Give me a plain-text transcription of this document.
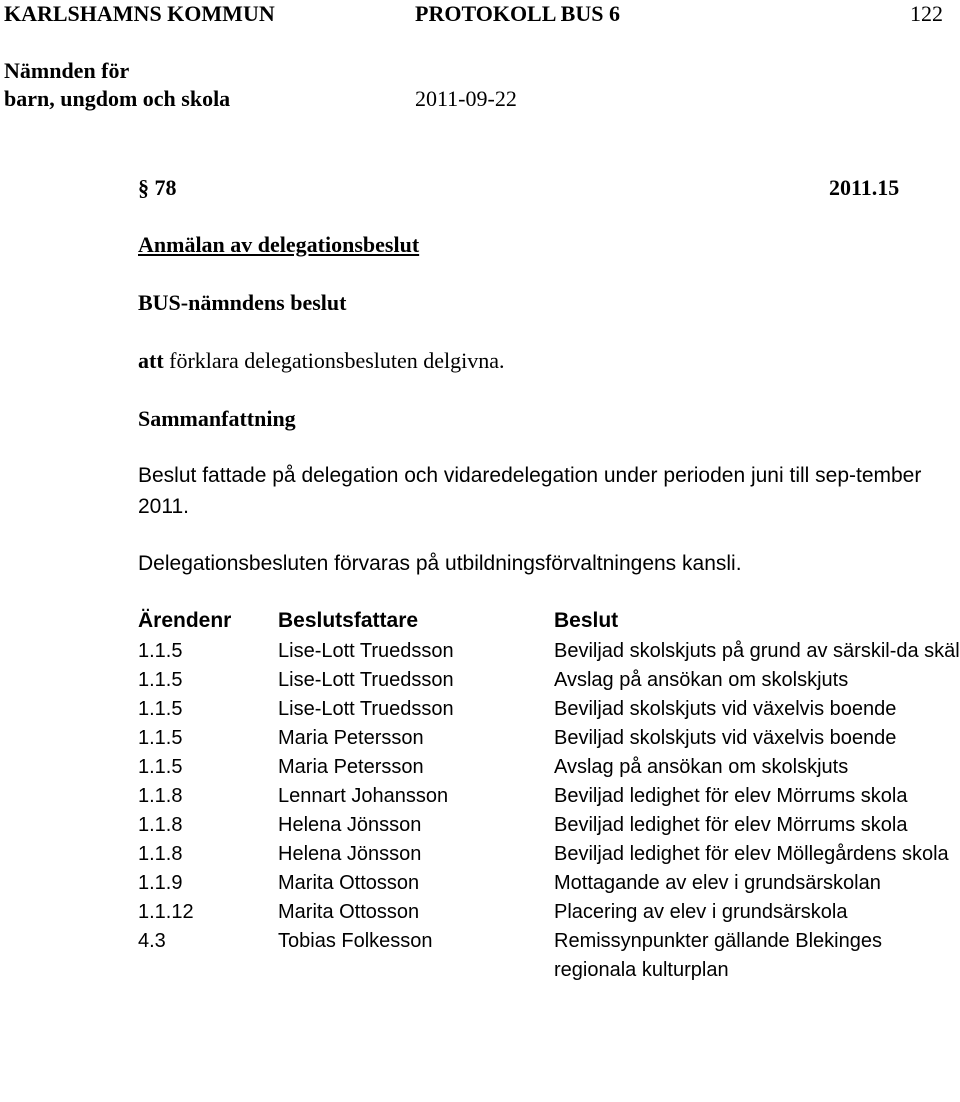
KARLSHAMNS KOMMUN	PROTOKOLL BUS 6	122
Nämnden för
barn, ungdom och skola	2011-09-22
§ 78	2011.15
Anmälan av delegationsbeslut
BUS-nämndens beslut
att förklara delegationsbesluten delgivna.
Sammanfattning
Beslut fattade på delegation och vidaredelegation under perioden juni till sep-tember 2011.
Delegationsbesluten förvaras på utbildningsförvaltningens kansli.
Ärendenr	Beslutsfattare	Beslut
1.1.5	Lise-Lott Truedsson	Beviljad skolskjuts på grund av särskil-da skäl
1.1.5	Lise-Lott Truedsson	Avslag på ansökan om skolskjuts
1.1.5	Lise-Lott Truedsson	Beviljad skolskjuts vid växelvis boende
1.1.5	Maria Petersson	Beviljad skolskjuts vid växelvis boende
1.1.5	Maria Petersson	Avslag på ansökan om skolskjuts
1.1.8	Lennart Johansson	Beviljad ledighet för elev Mörrums skola
1.1.8	Helena Jönsson	Beviljad ledighet för elev Mörrums skola
1.1.8	Helena Jönsson	Beviljad ledighet för elev Möllegårdens skola
1.1.9	Marita Ottosson	Mottagande av elev i grundsärskolan
1.1.12	Marita Ottosson	Placering av elev i grundsärskola
4.3	Tobias Folkesson	Remissynpunkter gällande Blekinges regionala kulturplan
